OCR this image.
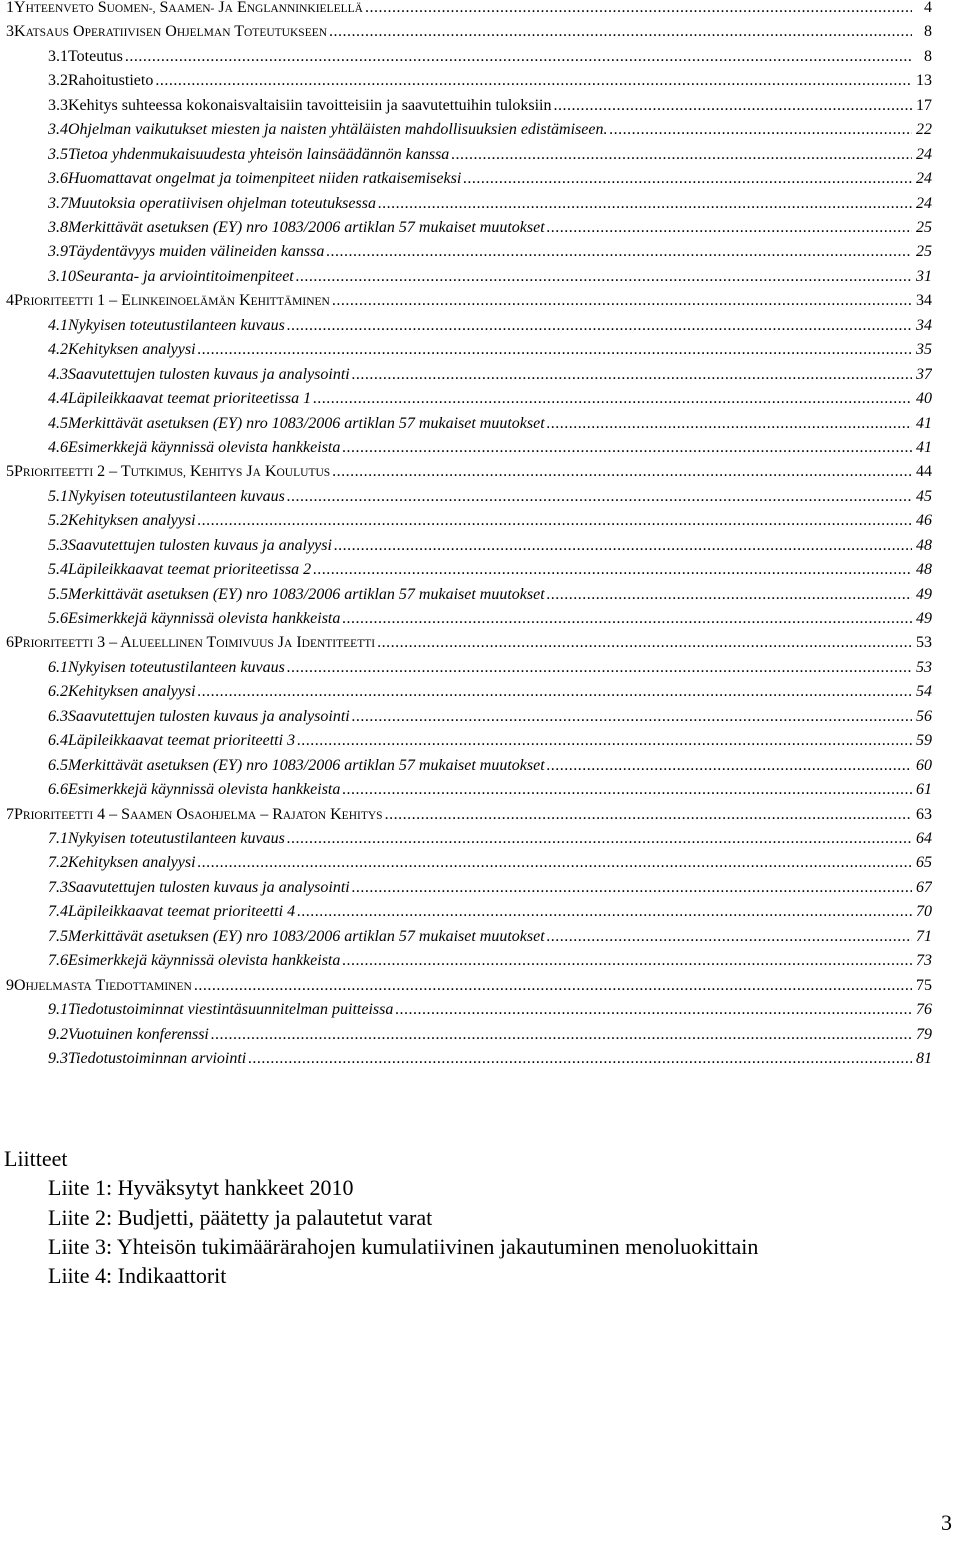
1 YHTEENVETO SUOMEN-, SAAMEN- JA ENGLANNINKIELELLÄ .....	4
3 KATSAUS OPERATIIVISEN OHJELMAN TOTEUTUKSEEN .....	8
3.1 Toteutus .....	8
3.2 Rahoitustieto .....	13
3.3 Kehitys suhteessa kokonaisvaltaisiin tavoitteisiin ja saavutettuihin tuloksiin .....	17
3.4 Ohjelman vaikutukset miesten ja naisten yhtäläisten mahdollisuuksien edistämiseen. .....	22
3.5 Tietoa yhdenmukaisuudesta yhteisön lainsäädännön kanssa .....	24
3.6 Huomattavat ongelmat ja toimenpiteet niiden ratkaisemiseksi .....	24
3.7 Muutoksia operatiivisen ohjelman toteutuksessa .....	24
3.8 Merkittävät asetuksen (EY) nro 1083/2006 artiklan 57 mukaiset muutokset .....	25
3.9 Täydentävyys muiden välineiden kanssa .....	25
3.10 Seuranta- ja arviointitoimenpiteet .....	31
4 PRIORITEETTI 1 – ELINKEINOELÄMÄN KEHITTÄMINEN .....	34
4.1 Nykyisen toteutustilanteen kuvaus .....	34
4.2 Kehityksen analyysi .....	35
4.3 Saavutettujen tulosten kuvaus ja analysointi .....	37
4.4 Läpileikkaavat teemat prioriteetissa 1 .....	40
4.5 Merkittävät asetuksen (EY) nro 1083/2006 artiklan 57 mukaiset muutokset .....	41
4.6 Esimerkkejä käynnissä olevista hankkeista .....	41
5 PRIORITEETTI 2 – TUTKIMUS, KEHITYS JA KOULUTUS .....	44
5.1 Nykyisen toteutustilanteen kuvaus .....	45
5.2 Kehityksen analyysi .....	46
5.3 Saavutettujen tulosten kuvaus ja analyysi .....	48
5.4 Läpileikkaavat teemat prioriteetissa 2 .....	48
5.5 Merkittävät asetuksen (EY) nro 1083/2006 artiklan 57 mukaiset muutokset .....	49
5.6 Esimerkkejä käynnissä olevista hankkeista .....	49
6 PRIORITEETTI 3 – ALUEELLINEN TOIMIVUUS JA IDENTITEETTI .....	53
6.1 Nykyisen toteutustilanteen kuvaus .....	53
6.2 Kehityksen analyysi .....	54
6.3 Saavutettujen tulosten kuvaus ja analysointi .....	56
6.4 Läpileikkaavat teemat prioriteetti 3 .....	59
6.5 Merkittävät asetuksen (EY) nro 1083/2006 artiklan 57 mukaiset muutokset .....	60
6.6 Esimerkkejä käynnissä olevista hankkeista .....	61
7 PRIORITEETTI 4 – SAAMEN OSAOHJELMA – RAJATON KEHITYS .....	63
7.1 Nykyisen toteutustilanteen kuvaus .....	64
7.2 Kehityksen analyysi .....	65
7.3 Saavutettujen tulosten kuvaus ja analysointi .....	67
7.4 Läpileikkaavat teemat prioriteetti 4 .....	70
7.5 Merkittävät asetuksen (EY) nro 1083/2006 artiklan 57 mukaiset muutokset .....	71
7.6 Esimerkkejä käynnissä olevista hankkeista .....	73
9 OHJELMASTA TIEDOTTAMINEN .....	75
9.1 Tiedotustoiminnat viestintäsuunnitelman puitteissa .....	76
9.2 Vuotuinen konferenssi .....	79
9.3 Tiedotustoiminnan arviointi .....	81
Liitteet
Liite 1: Hyväksytyt hankkeet 2010
Liite 2: Budjetti, päätetty ja palautetut varat
Liite 3: Yhteisön tukimäärärahojen kumulatiivinen jakautuminen menoluokittain
Liite 4: Indikaattorit
3
